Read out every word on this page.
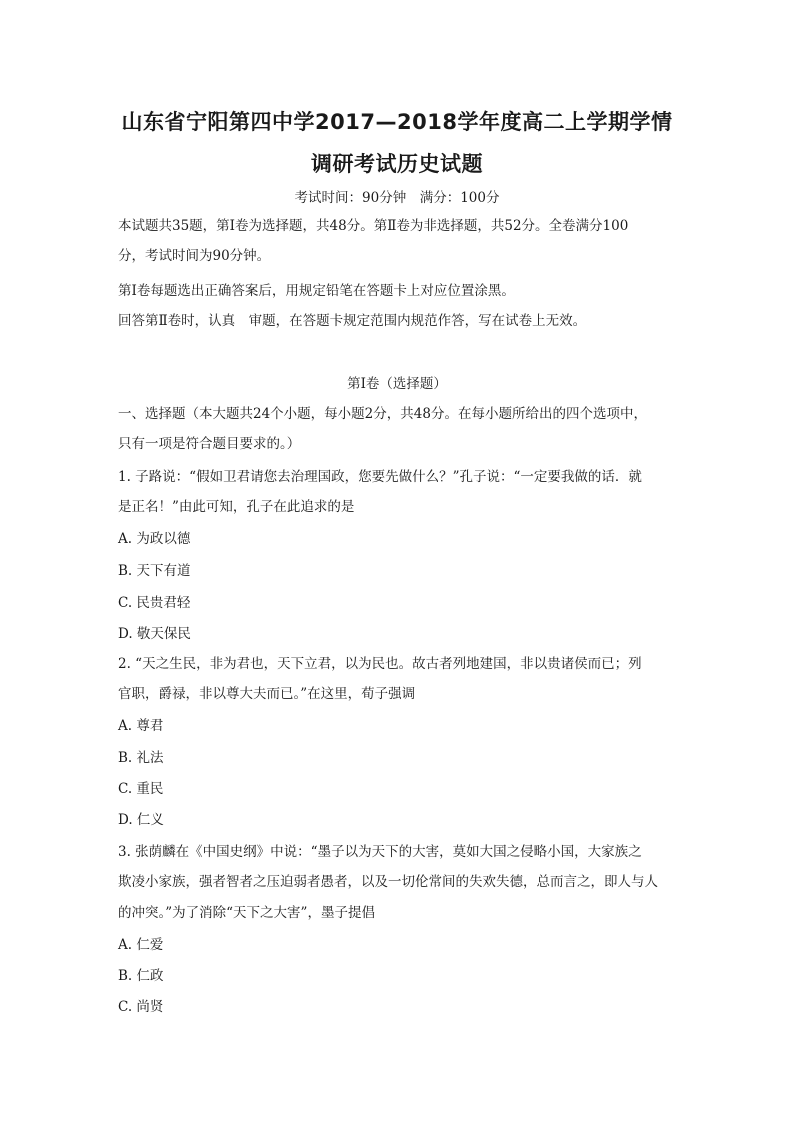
山东省宁阳第四中学2017—2018学年度高二上学期学情
调研考试历史试题
考试时间：90分钟　满分：100分
本试题共35题，第Ⅰ卷为选择题，共48分。第Ⅱ卷为非选择题，共52分。全卷满分100
分，考试时间为90分钟。
第Ⅰ卷每题选出正确答案后，用规定铅笔在答题卡上对应位置涂黑。
回答第Ⅱ卷时，认真　审题，在答题卡规定范围内规范作答，写在试卷上无效。
第Ⅰ卷（选择题）
一、选择题（本大题共24个小题，每小题2分，共48分。在每小题所给出的四个选项中，
只有一项是符合题目要求的。）
1. 子路说：“假如卫君请您去治理国政，您要先做什么？”孔子说：“一定要我做的话．就
是正名！”由此可知，孔子在此追求的是
A. 为政以德
B. 天下有道
C. 民贵君轻
D. 敬天保民
2. “天之生民，非为君也，天下立君，以为民也。故古者列地建国，非以贵诸侯而已；列
官职，爵禄，非以尊大夫而已。”在这里，荀子强调
A. 尊君
B. 礼法
C. 重民
D. 仁义
3. 张荫麟在《中国史纲》中说：“墨子以为天下的大害，莫如大国之侵略小国，大家族之
欺凌小家族，强者智者之压迫弱者愚者，以及一切伦常间的失欢失德，总而言之，即人与人
的冲突。”为了消除“天下之大害”，墨子提倡
A. 仁爱
B. 仁政
C. 尚贤
